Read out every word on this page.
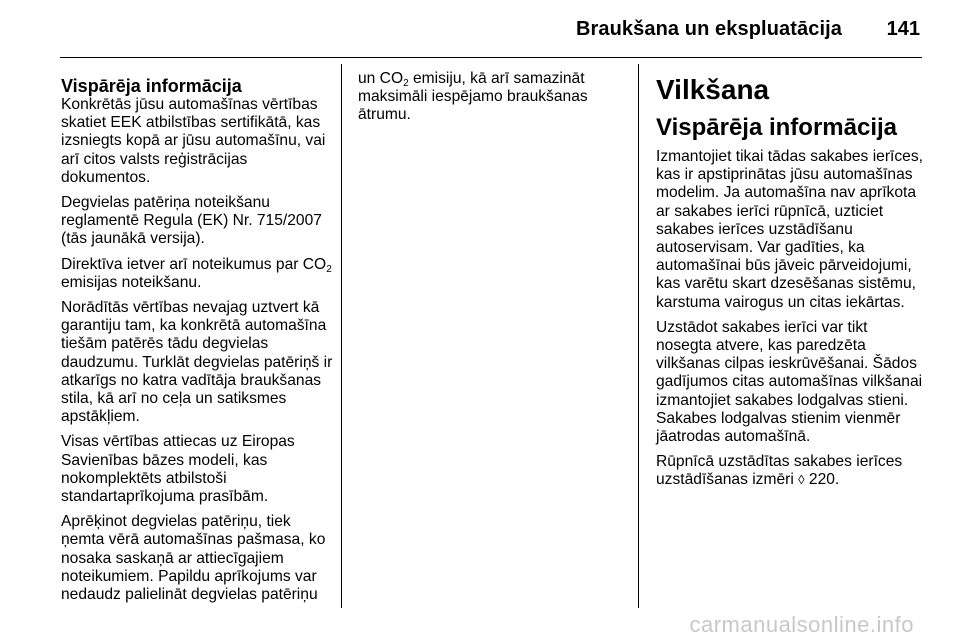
Braukšana un ekspluatācija 141
Vispārēja informācija

Konkrētās jūsu automašīnas vērtības skatiet EEK atbilstības sertifikātā, kas izsniegts kopā ar jūsu automašīnu, vai arī citos valsts reģistrācijas dokumentos.

Degvielas patēriņa noteikšanu reglamentē Regula (EK) Nr. 715/2007 (tās jaunākā versija).

Direktīva ietver arī noteikumus par $CO_2$ emisijas noteikšanu.

Norādītās vērtības nevajag uztvert kā garantiju tam, ka konkrētā automašīna tiešām patērēs tādu degvielas daudzumu. Turklāt degvielas patēriņš ir atkarīgs no katra vadītāja braukšanas stila, kā arī no ceļa un satiksmes apstākļiem.

Visas vērtības attiecas uz Eiropas Savienības bāzes modeli, kas nokomplektēts atbilstoši standartaprīkojuma prasībām.

Aprēķinot degvielas patēriņu, tiek ņemta vērā automašīnas pašmasa, ko nosaka saskaņā ar attiecīgajiem noteikumiem. Papildu aprīkojums var nedaudz palielināt degvielas patēriņu

un $CO_2$ emisiju, kā arī samazināt maksimāli iespējamo braukšanas ātrumu.

Vilkšana
Vispārēja informācija

Izmantojiet tikai tādas sakabes ierīces, kas ir apstiprinātas jūsu automašīnas modelim. Ja automašīna nav aprīkota ar sakabes ierīci rūpnīcā, uzticiet sakabes ierīces uzstādīšanu autoservisam. Var gadīties, ka automašīnai būs jāveic pārveidojumi, kas varētu skart dzesēšanas sistēmu, karstuma vairogus un citas iekārtas.

Uzstādot sakabes ierīci var tikt nosegta atvere, kas paredzēta vilkšanas cilpas ieskrūvēšanai. Šādos gadījumos citas automašīnas vilkšanai izmantojiet sakabes lodgalvas stieni. Sakabes lodgalvas stienim vienmēr jāatrodas automašīnā.

Rūpnīcā uzstādītas sakabes ierīces uzstādīšanas izmēri ◊ 220.

carmanualsonline.info
